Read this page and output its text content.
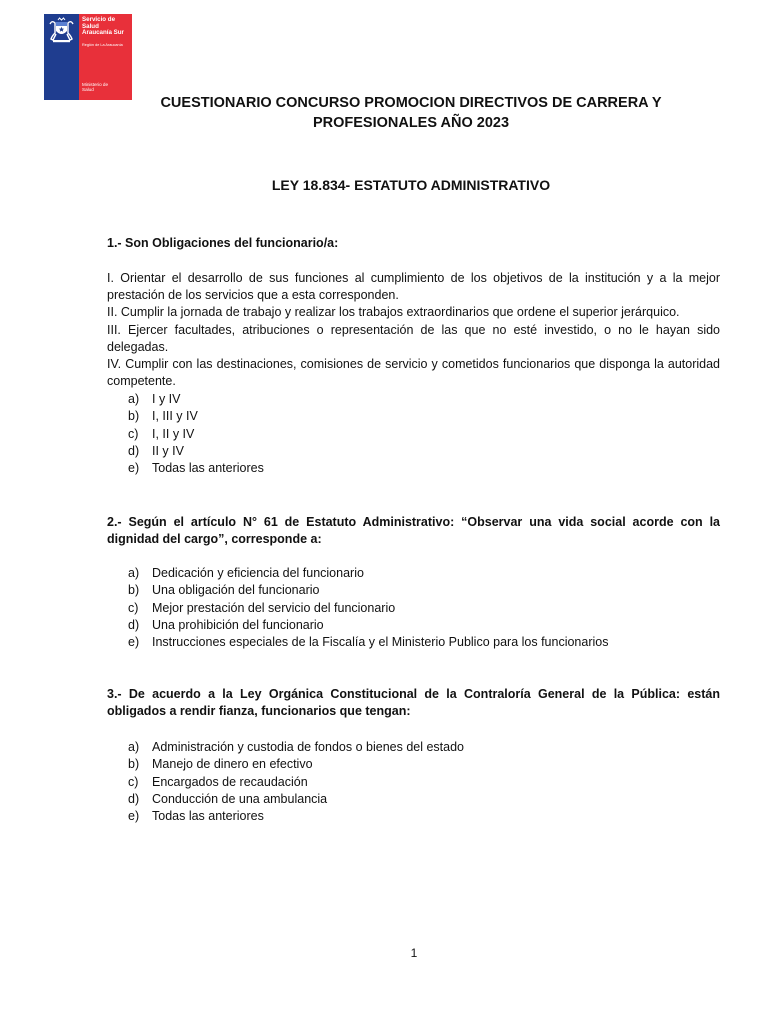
Servicio de
Salud
Araucanía Sur
Región de La Araucanía
Ministerio de
Salud
CUESTIONARIO CONCURSO PROMOCION DIRECTIVOS DE CARRERA Y
PROFESIONALES AÑO 2023
LEY 18.834- ESTATUTO ADMINISTRATIVO
1.- Son Obligaciones del funcionario/a:

I. Orientar el desarrollo de sus funciones al cumplimiento de los objetivos de la institución y a la mejor prestación de los servicios que a esta corresponden.

II. Cumplir la jornada de trabajo y realizar los trabajos extraordinarios que ordene el superior jerárquico.

III. Ejercer facultades, atribuciones o representación de las que no esté investido, o no le hayan sido delegadas.

IV. Cumplir con las destinaciones, comisiones de servicio y cometidos funcionarios que disponga la autoridad competente.

a)	I y IV
b)	I, III y IV
c)	I, II y IV
d)	II y IV
e)	Todas las anteriores
2.- Según el artículo N° 61 de Estatuto Administrativo: “Observar una vida social acorde con la dignidad del cargo”, corresponde a:
a)	Dedicación y eficiencia del funcionario
b)	Una obligación del funcionario
c)	Mejor prestación del servicio del funcionario
d)	Una prohibición del funcionario
e)	Instrucciones especiales de la Fiscalía y el Ministerio Publico para los funcionarios
3.- De acuerdo a la Ley Orgánica Constitucional de la Contraloría General de la Pública: están obligados a rendir fianza, funcionarios que tengan:
a)	Administración y custodia de fondos o bienes del estado
b)	Manejo de dinero en efectivo
c)	Encargados de recaudación
d)	Conducción de una ambulancia
e)	Todas las anteriores
1
